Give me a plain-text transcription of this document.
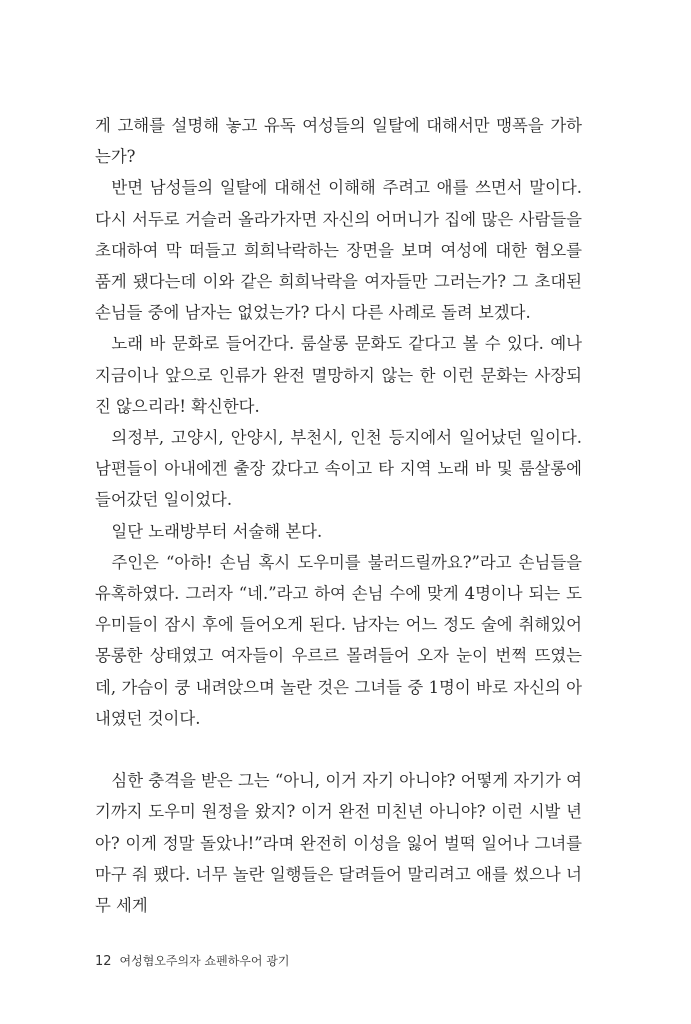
게 고해를 설명해 놓고 유독 여성들의 일탈에 대해서만 맹폭을 가하는가?

반면 남성들의 일탈에 대해선 이해해 주려고 애를 쓰면서 말이다. 다시 서두로 거슬러 올라가자면 자신의 어머니가 집에 많은 사람들을 초대하여 막 떠들고 희희낙락하는 장면을 보며 여성에 대한 혐오를 품게 됐다는데 이와 같은 희희낙락을 여자들만 그러는가? 그 초대된 손님들 중에 남자는 없었는가? 다시 다른 사례로 돌려 보겠다.

노래 바 문화로 들어간다. 룸살롱 문화도 같다고 볼 수 있다. 예나 지금이나 앞으로 인류가 완전 멸망하지 않는 한 이런 문화는 사장되진 않으리라! 확신한다.

의정부, 고양시, 안양시, 부천시, 인천 등지에서 일어났던 일이다. 남편들이 아내에겐 출장 갔다고 속이고 타 지역 노래 바 및 룸살롱에 들어갔던 일이었다.

일단 노래방부터 서술해 본다.

주인은 “아하! 손님 혹시 도우미를 불러드릴까요?”라고 손님들을 유혹하였다. 그러자 “네.”라고 하여 손님 수에 맞게 4명이나 되는 도우미들이 잠시 후에 들어오게 된다. 남자는 어느 정도 술에 취해있어 몽롱한 상태였고 여자들이 우르르 몰려들어 오자 눈이 번쩍 뜨였는데, 가슴이 쿵 내려앉으며 놀란 것은 그녀들 중 1명이 바로 자신의 아내였던 것이다.

심한 충격을 받은 그는 “아니, 이거 자기 아니야? 어떻게 자기가 여기까지 도우미 원정을 왔지? 이거 완전 미친년 아니야? 이런 시발 년아? 이게 정말 돌았나!”라며 완전히 이성을 잃어 벌떡 일어나 그녀를 마구 줘 팼다. 너무 놀란 일행들은 달려들어 말리려고 애를 썼으나 너무 세게

12 여성혐오주의자 쇼펜하우어 광기
